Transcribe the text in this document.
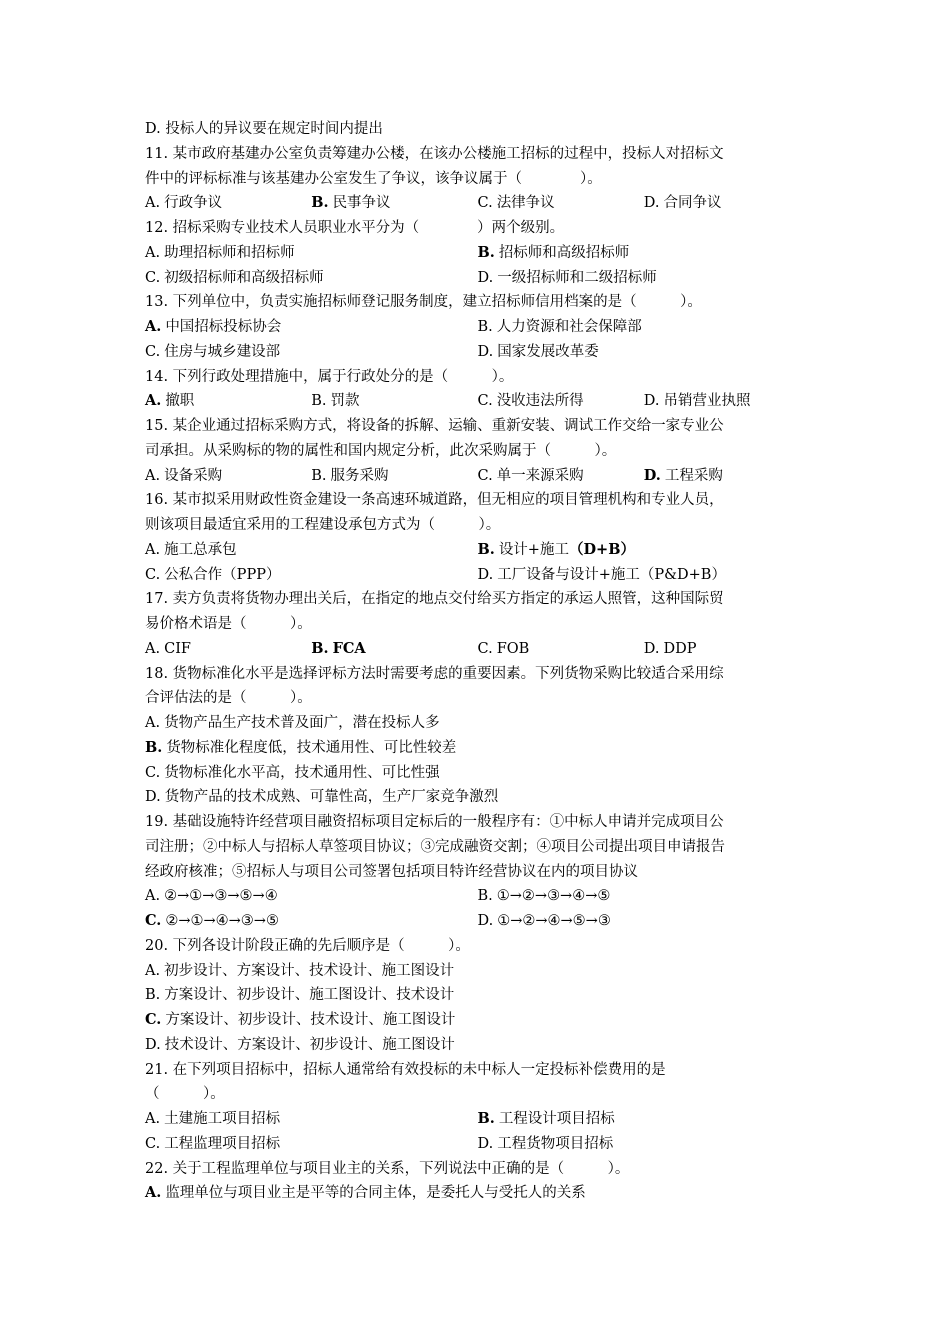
D. 投标人的异议要在规定时间内提出
11. 某市政府基建办公室负责筹建办公楼，在该办公楼施工招标的过程中，投标人对招标文
件中的评标标准与该基建办公室发生了争议，该争议属于（　　　　）。
A. 行政争议	B. 民事争议	C. 法律争议	D. 合同争议
12. 招标采购专业技术人员职业水平分为（　　　　）两个级别。
A. 助理招标师和招标师	B. 招标师和高级招标师
C. 初级招标师和高级招标师	D. 一级招标师和二级招标师
13. 下列单位中，负责实施招标师登记服务制度，建立招标师信用档案的是（　　　）。
A. 中国招标投标协会	B. 人力资源和社会保障部
C. 住房与城乡建设部	D. 国家发展改革委
14. 下列行政处理措施中，属于行政处分的是（　　　）。
A. 撤职	B. 罚款	C. 没收违法所得	D. 吊销营业执照
15. 某企业通过招标采购方式，将设备的拆解、运输、重新安装、调试工作交给一家专业公
司承担。从采购标的物的属性和国内规定分析，此次采购属于（　　　）。
A. 设备采购	B. 服务采购	C. 单一来源采购	D. 工程采购
16. 某市拟采用财政性资金建设一条高速环城道路，但无相应的项目管理机构和专业人员，
则该项目最适宜采用的工程建设承包方式为（　　　）。
A. 施工总承包	B. 设计+施工（D+B）
C. 公私合作（PPP）	D. 工厂设备与设计+施工（P&D+B）
17. 卖方负责将货物办理出关后，在指定的地点交付给买方指定的承运人照管，这种国际贸
易价格术语是（　　　）。
A. CIF	B. FCA	C. FOB	D. DDP
18. 货物标准化水平是选择评标方法时需要考虑的重要因素。下列货物采购比较适合采用综
合评估法的是（　　　）。
A. 货物产品生产技术普及面广，潜在投标人多
B. 货物标准化程度低，技术通用性、可比性较差
C. 货物标准化水平高，技术通用性、可比性强
D. 货物产品的技术成熟、可靠性高，生产厂家竞争激烈
19. 基础设施特许经营项目融资招标项目定标后的一般程序有：①中标人申请并完成项目公
司注册；②中标人与招标人草签项目协议；③完成融资交割；④项目公司提出项目申请报告
经政府核准；⑤招标人与项目公司签署包括项目特许经营协议在内的项目协议
A. ②→①→③→⑤→④	B. ①→②→③→④→⑤
C. ②→①→④→③→⑤	D. ①→②→④→⑤→③
20. 下列各设计阶段正确的先后顺序是（　　　）。
A. 初步设计、方案设计、技术设计、施工图设计
B. 方案设计、初步设计、施工图设计、技术设计
C. 方案设计、初步设计、技术设计、施工图设计
D. 技术设计、方案设计、初步设计、施工图设计
21. 在下列项目招标中，招标人通常给有效投标的未中标人一定投标补偿费用的是
（　　　）。
A. 土建施工项目招标	B. 工程设计项目招标
C. 工程监理项目招标	D. 工程货物项目招标
22. 关于工程监理单位与项目业主的关系，下列说法中正确的是（　　　）。
A. 监理单位与项目业主是平等的合同主体，是委托人与受托人的关系
